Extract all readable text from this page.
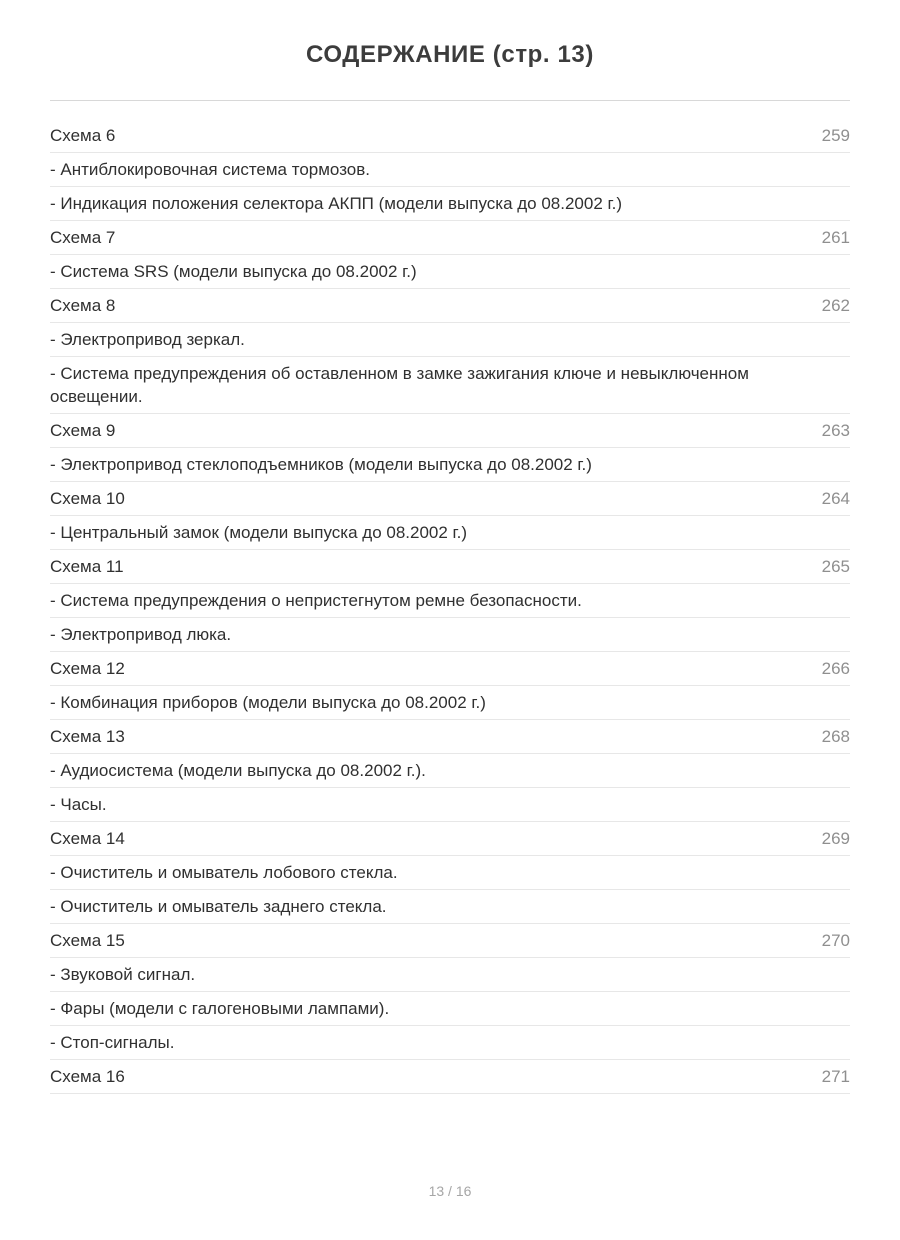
СОДЕРЖАНИЕ (стр. 13)
Схема 6	259
- Антиблокировочная система тормозов.
- Индикация положения селектора АКПП (модели выпуска до 08.2002 г.)
Схема 7	261
- Система SRS (модели выпуска до 08.2002 г.)
Схема 8	262
- Электропривод зеркал.
- Система предупреждения об оставленном в замке зажигания ключе и невыключенном освещении.
Схема 9	263
- Электропривод стеклоподъемников (модели выпуска до 08.2002 г.)
Схема 10	264
- Центральный замок (модели выпуска до 08.2002 г.)
Схема 11	265
- Система предупреждения о непристегнутом ремне безопасности.
- Электропривод люка.
Схема 12	266
- Комбинация приборов (модели выпуска до 08.2002 г.)
Схема 13	268
- Аудиосистема (модели выпуска до 08.2002 г.).
- Часы.
Схема 14	269
- Очиститель и омыватель лобового стекла.
- Очиститель и омыватель заднего стекла.
Схема 15	270
- Звуковой сигнал.
- Фары (модели с галогеновыми лампами).
- Стоп-сигналы.
Схема 16	271
13 / 16
